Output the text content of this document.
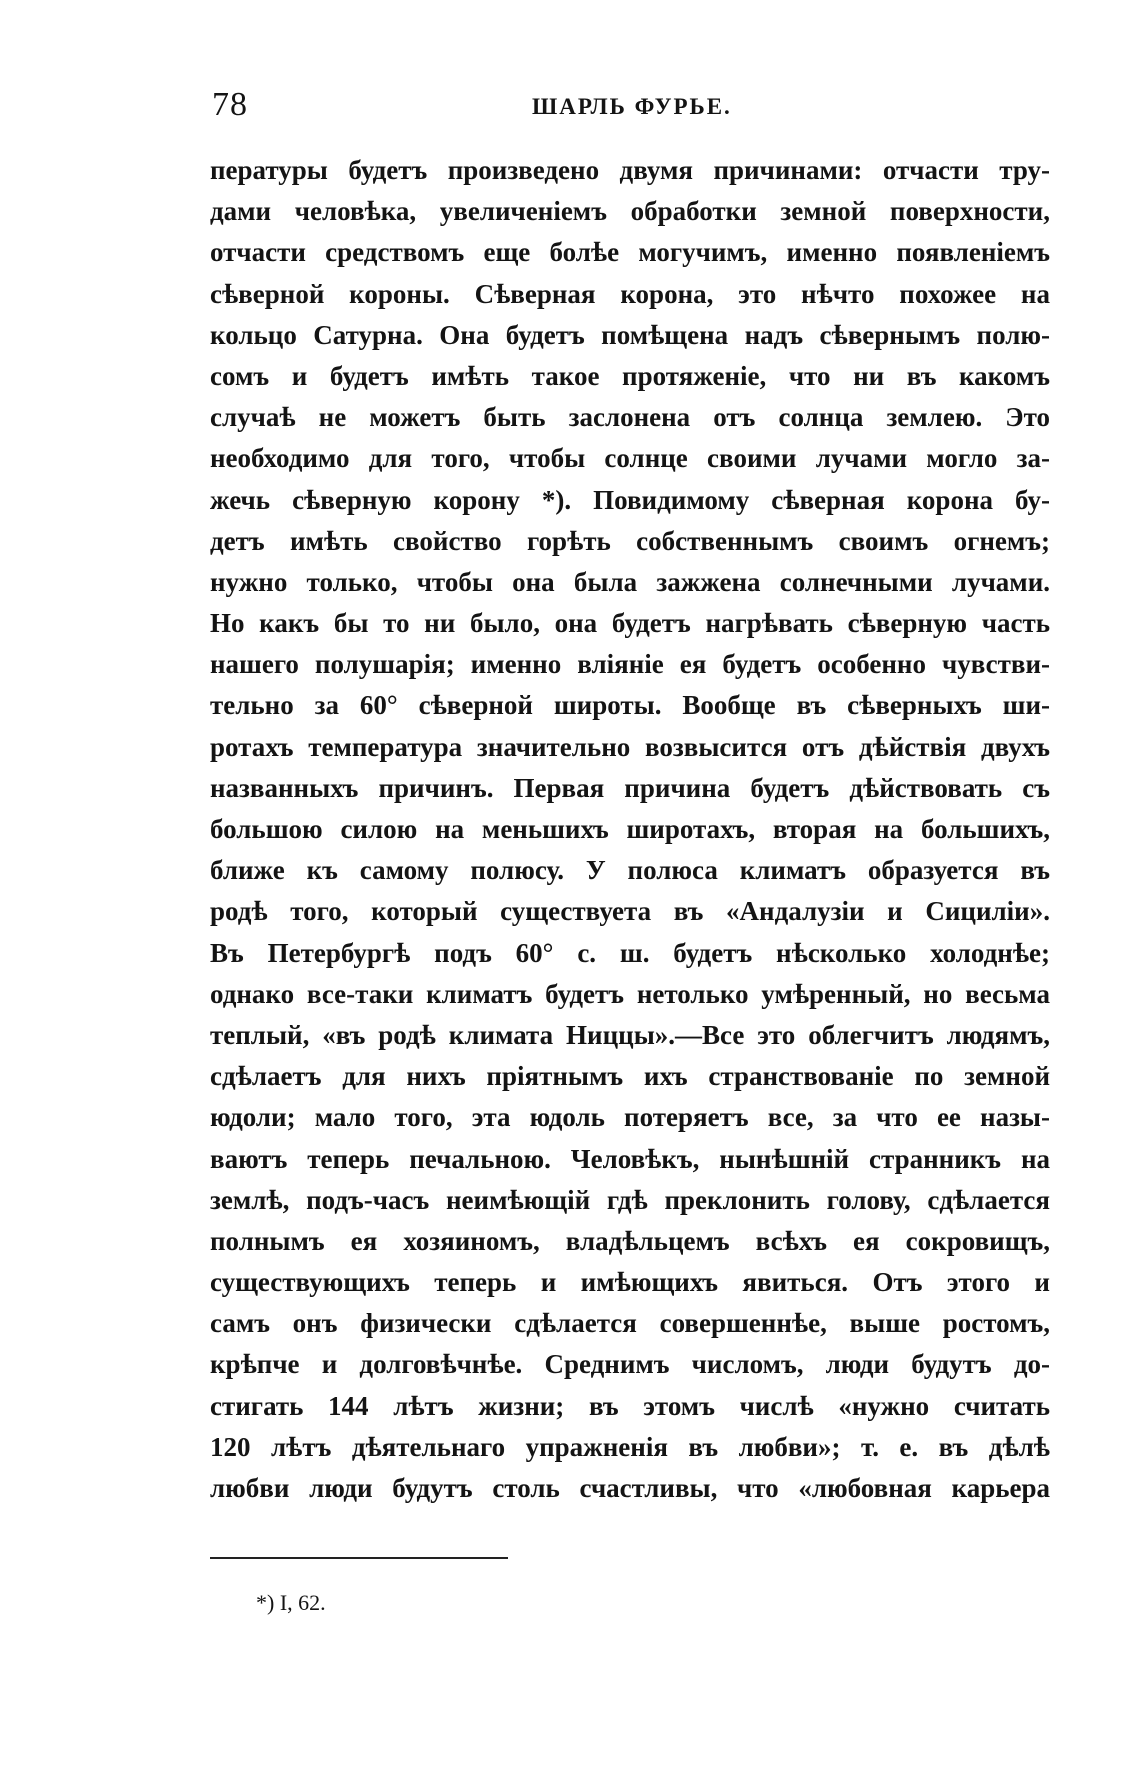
78	ШАРЛЬ ФУРЬЕ.
пературы будетъ произведено двумя причинами: отчасти тру-
дами человѣка, увеличеніемъ обработки земной поверхности,
отчасти средствомъ еще болѣе могучимъ, именно появленіемъ
сѣверной короны. Сѣверная корона, это нѣчто похожее на
кольцо Сатурна. Она будетъ помѣщена надъ сѣвернымъ полю-
сомъ и будетъ имѣть такое протяженіе, что ни въ какомъ
случаѣ не можетъ быть заслонена отъ солнца землею. Это
необходимо для того, чтобы солнце своими лучами могло за-
жечь сѣверную корону *). Повидимому сѣверная корона бу-
детъ имѣть свойство горѣть собственнымъ своимъ огнемъ;
нужно только, чтобы она была зажжена солнечными лучами.
Но какъ бы то ни было, она будетъ нагрѣвать сѣверную часть
нашего полушарія; именно вліяніе ея будетъ особенно чувстви-
тельно за 60° сѣверной широты. Вообще въ сѣверныхъ ши-
ротахъ температура значительно возвысится отъ дѣйствія двухъ
названныхъ причинъ. Первая причина будетъ дѣйствовать съ
большою силою на меньшихъ широтахъ, вторая на большихъ,
ближе къ самому полюсу. У полюса климатъ образуется въ
родѣ того, который существуета въ «Андалузіи и Сициліи».
Въ Петербургѣ подъ 60° с. ш. будетъ нѣсколько холоднѣе;
однако все-таки климатъ будетъ нетолько умѣренный, но весьма
теплый, «въ родѣ климата Ниццы».—Все это облегчитъ людямъ,
сдѣлаетъ для нихъ пріятнымъ ихъ странствованіе по земной
юдоли; мало того, эта юдоль потеряетъ все, за что ее назы-
ваютъ теперь печальною. Человѣкъ, нынѣшній странникъ на
землѣ, подъ-часъ неимѣющій гдѣ преклонить голову, сдѣлается
полнымъ ея хозяиномъ, владѣльцемъ всѣхъ ея сокровищъ,
существующихъ теперь и имѣющихъ явиться. Отъ этого и
самъ онъ физически сдѣлается совершеннѣе, выше ростомъ,
крѣпче и долговѣчнѣе. Среднимъ числомъ, люди будутъ до-
стигать 144 лѣтъ жизни; въ этомъ числѣ «нужно считать
120 лѣтъ дѣятельнаго упражненія въ любви»; т. е. въ дѣлѣ
любви люди будутъ столь счастливы, что «любовная карьера
*) I, 62.
